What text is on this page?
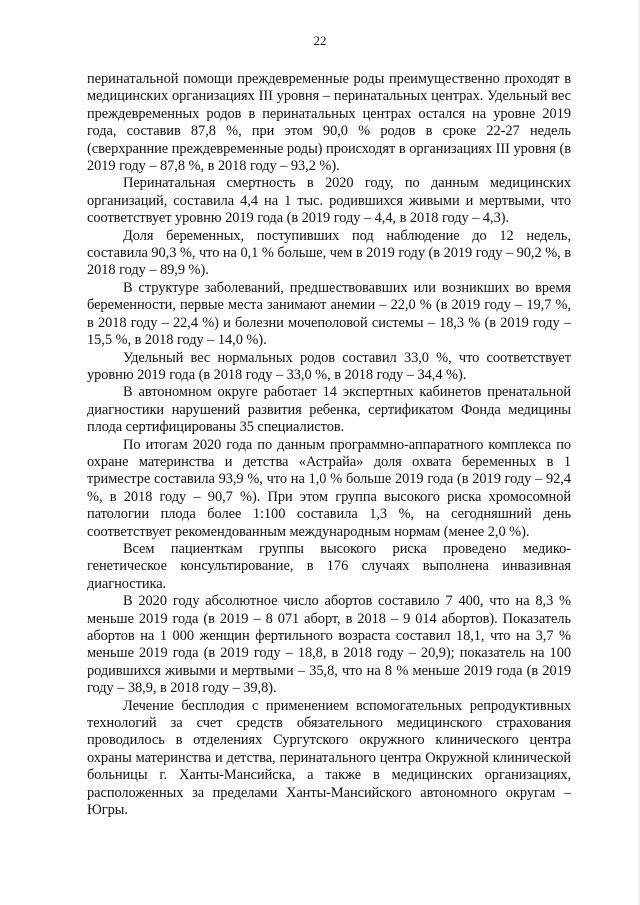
22

перинатальной помощи преждевременные роды преимущественно проходят в медицинских организациях III уровня – перинатальных центрах. Удельный вес преждевременных родов в перинатальных центрах остался на уровне 2019 года, составив 87,8 %, при этом 90,0 % родов в сроке 22-27 недель (сверхранние преждевременные роды) происходят в организациях III уровня (в 2019 году – 87,8 %, в 2018 году – 93,2 %).

Перинатальная смертность в 2020 году, по данным медицинских организаций, составила 4,4 на 1 тыс. родившихся живыми и мертвыми, что соответствует уровню 2019 года (в 2019 году – 4,4, в 2018 году – 4,3).

Доля беременных, поступивших под наблюдение до 12 недель, составила 90,3 %, что на 0,1 % больше, чем в 2019 году (в 2019 году – 90,2 %, в 2018 году – 89,9 %).

В структуре заболеваний, предшествовавших или возникших во время беременности, первые места занимают анемии – 22,0 % (в 2019 году – 19,7 %, в 2018 году – 22,4 %) и болезни мочеполовой системы – 18,3 % (в 2019 году – 15,5 %, в 2018 году – 14,0 %).

Удельный вес нормальных родов составил 33,0 %, что соответствует уровню 2019 года (в 2018 году – 33,0 %, в 2018 году – 34,4 %).

В автономном округе работает 14 экспертных кабинетов пренатальной диагностики нарушений развития ребенка, сертификатом Фонда медицины плода сертифицированы 35 специалистов.

По итогам 2020 года по данным программно-аппаратного комплекса по охране материнства и детства «Астрайа» доля охвата беременных в 1 триместре составила 93,9 %, что на 1,0 % больше 2019 года (в 2019 году – 92,4 %, в 2018 году – 90,7 %). При этом группа высокого риска хромосомной патологии плода более 1:100 составила 1,3 %, на сегодняшний день соответствует рекомендованным международным нормам (менее 2,0 %).

Всем пациенткам группы высокого риска проведено медико-генетическое консультирование, в 176 случаях выполнена инвазивная диагностика.

В 2020 году абсолютное число абортов составило 7 400, что на 8,3 % меньше 2019 года (в 2019 – 8 071 аборт, в 2018 – 9 014 абортов). Показатель абортов на 1 000 женщин фертильного возраста составил 18,1, что на 3,7 % меньше 2019 года (в 2019 году – 18,8, в 2018 году – 20,9); показатель на 100 родившихся живыми и мертвыми – 35,8, что на 8 % меньше 2019 года (в 2019 году – 38,9, в 2018 году – 39,8).

Лечение бесплодия с применением вспомогательных репродуктивных технологий за счет средств обязательного медицинского страхования проводилось в отделениях Сургутского окружного клинического центра охраны материнства и детства, перинатального центра Окружной клинической больницы г. Ханты-Мансийска, а также в медицинских организациях, расположенных за пределами Ханты-Мансийского автономного округам – Югры.
